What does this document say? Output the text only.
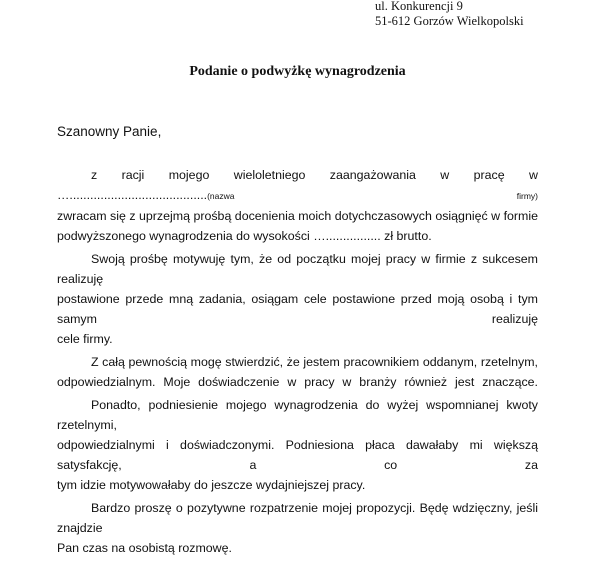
ul. Konkurencji 9
51-612 Gorzów Wielkopolski
Podanie o podwyżkę wynagrodzenia
Szanowny Panie,

z racji mojego wieloletniego zaangażowania w pracę w …........................................(nazwa firmy)
zwracam się z uprzejmą prośbą docenienia moich dotychczasowych osiągnięć w formie
podwyższonego wynagrodzenia do wysokości …................ zł brutto.

Swoją prośbę motywuję tym, że od początku mojej pracy w firmie z sukcesem realizuję
postawione przede mną zadania, osiągam cele postawione przed moją osobą i tym samym realizuję
cele firmy.

Z całą pewnością mogę stwierdzić, że jestem pracownikiem oddanym, rzetelnym,
odpowiedzialnym. Moje doświadczenie w pracy w branży również jest znaczące.

Ponadto, podniesienie mojego wynagrodzenia do wyżej wspomnianej kwoty rzetelnymi,
odpowiedzialnymi i doświadczonymi. Podniesiona płaca dawałaby mi większą satysfakcję, a co za
tym idzie motywowałaby do jeszcze wydajniejszej pracy.

Bardzo proszę o pozytywne rozpatrzenie mojej propozycji. Będę wdzięczny, jeśli znajdzie
Pan czas na osobistą rozmowę.
